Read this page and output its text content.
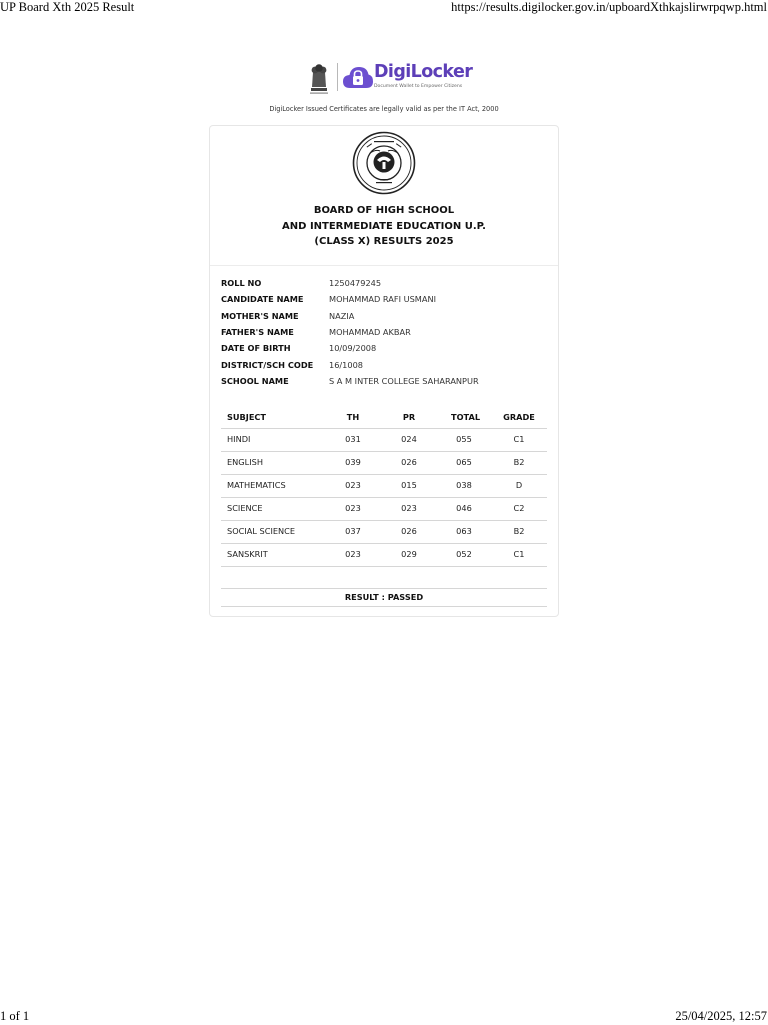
UP Board Xth 2025 Result	https://results.digilocker.gov.in/upboardXthkajslirwrpqwp.html
DigiLocker
Document Wallet to Empower Citizens
DigiLocker Issued Certificates are legally valid as per the IT Act, 2000
BOARD OF HIGH SCHOOL
AND INTERMEDIATE EDUCATION U.P.
(CLASS X) RESULTS 2025
ROLL NO	1250479245
CANDIDATE NAME	MOHAMMAD RAFI USMANI
MOTHER'S NAME	NAZIA
FATHER'S NAME	MOHAMMAD AKBAR
DATE OF BIRTH	10/09/2008
DISTRICT/SCH CODE 16/1008
SCHOOL NAME	S A M INTER COLLEGE SAHARANPUR
SUBJECT	TH	PR	TOTAL	GRADE
HINDI	031	024	055	C1
ENGLISH	039	026	065	B2
MATHEMATICS	023	015	038	D
SCIENCE	023	023	046	C2
SOCIAL SCIENCE	037	026	063	B2
SANSKRIT	023	029	052	C1
RESULT : PASSED
1 of 1	25/04/2025, 12:57
